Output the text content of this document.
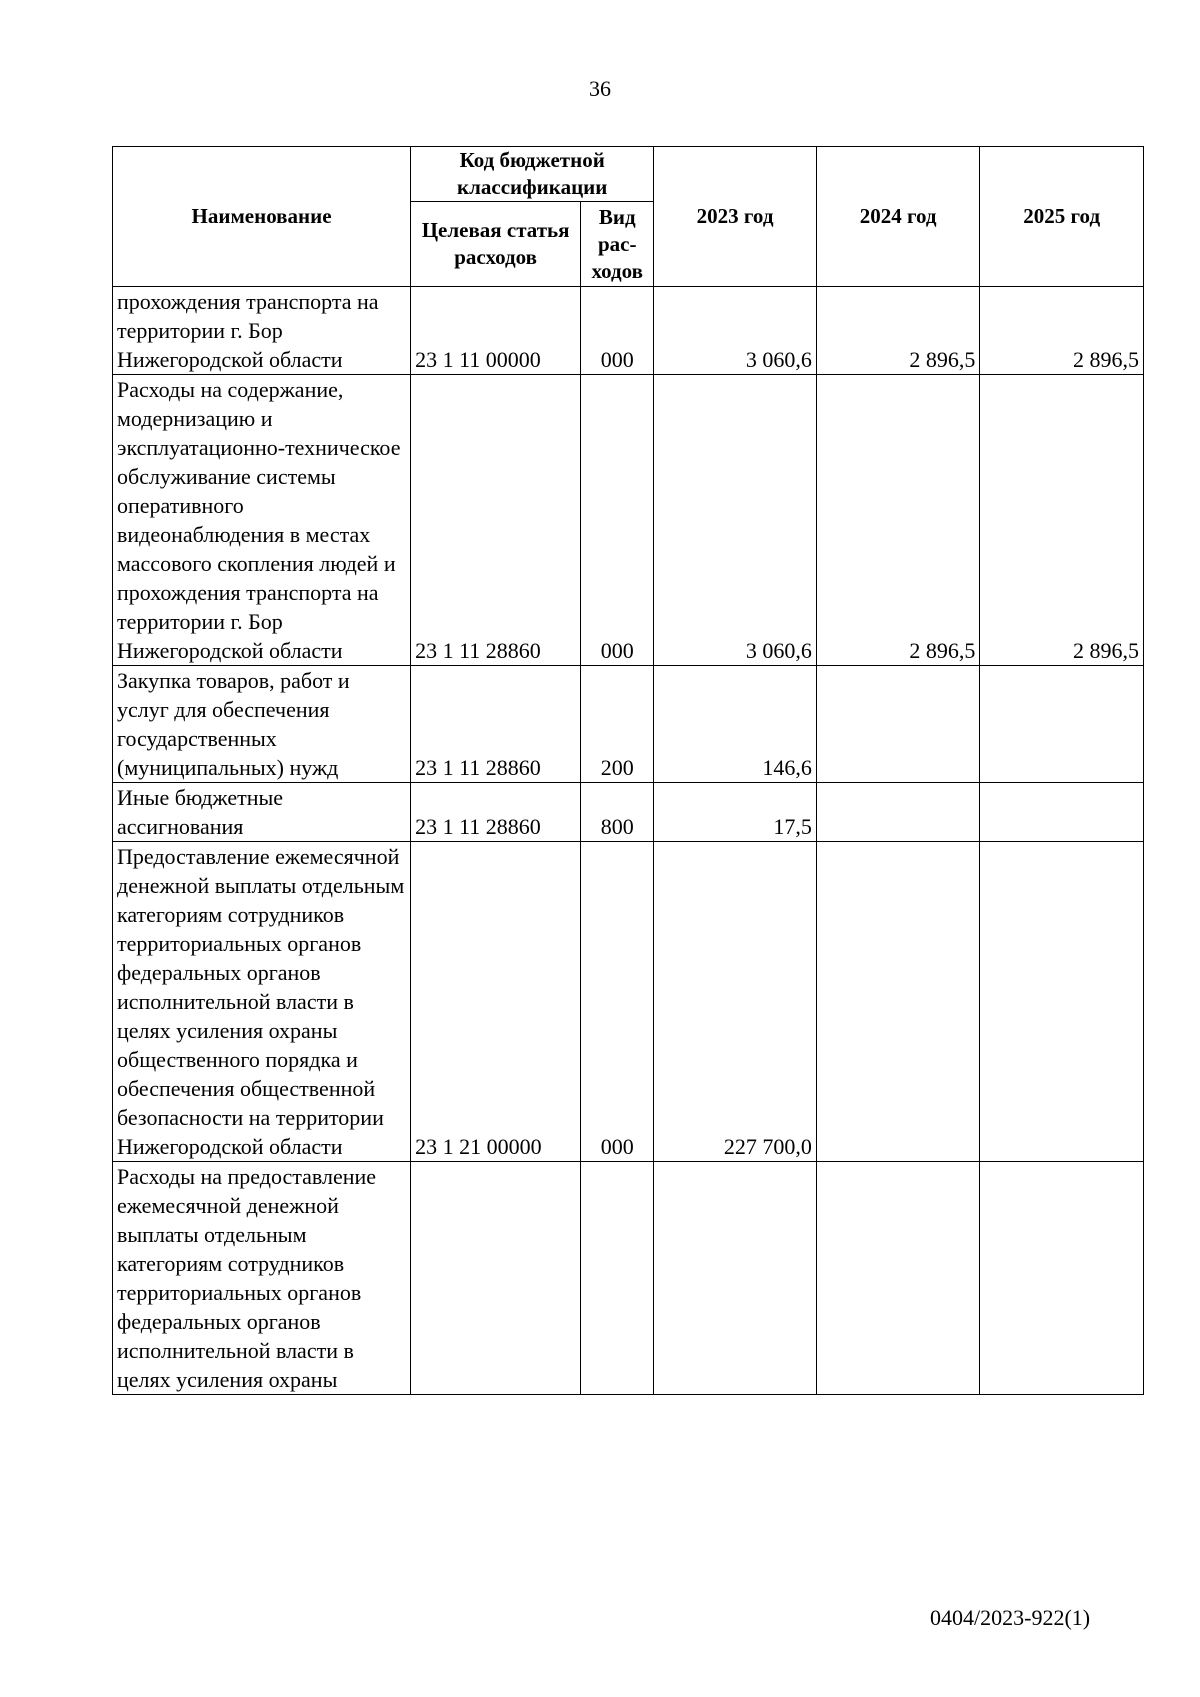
36
Наименование	Код бюджетной классификации		2023 год	2024 год	2025 год
	Целевая статья расходов	Вид рас-ходов			
прохождения транспорта на территории г. Бор Нижегородской области	23 1 11 00000	000	3 060,6	2 896,5	2 896,5
Расходы на содержание, модернизацию и эксплуатационно-техническое обслуживание системы оперативного видеонаблюдения в местах массового скопления людей и прохождения транспорта на территории г. Бор Нижегородской области	23 1 11 28860	000	3 060,6	2 896,5	2 896,5
Закупка товаров, работ и услуг для обеспечения государственных (муниципальных) нужд	23 1 11 28860	200	146,6		
Иные бюджетные ассигнования	23 1 11 28860	800	17,5		
Предоставление ежемесячной денежной выплаты отдельным категориям сотрудников территориальных органов федеральных органов исполнительной власти в целях усиления охраны общественного порядка и обеспечения общественной безопасности на территории Нижегородской области	23 1 21 00000	000	227 700,0		
Расходы на предоставление ежемесячной денежной выплаты отдельным категориям сотрудников территориальных органов федеральных органов исполнительной власти в целях усиления охраны					
0404/2023-922(1)
